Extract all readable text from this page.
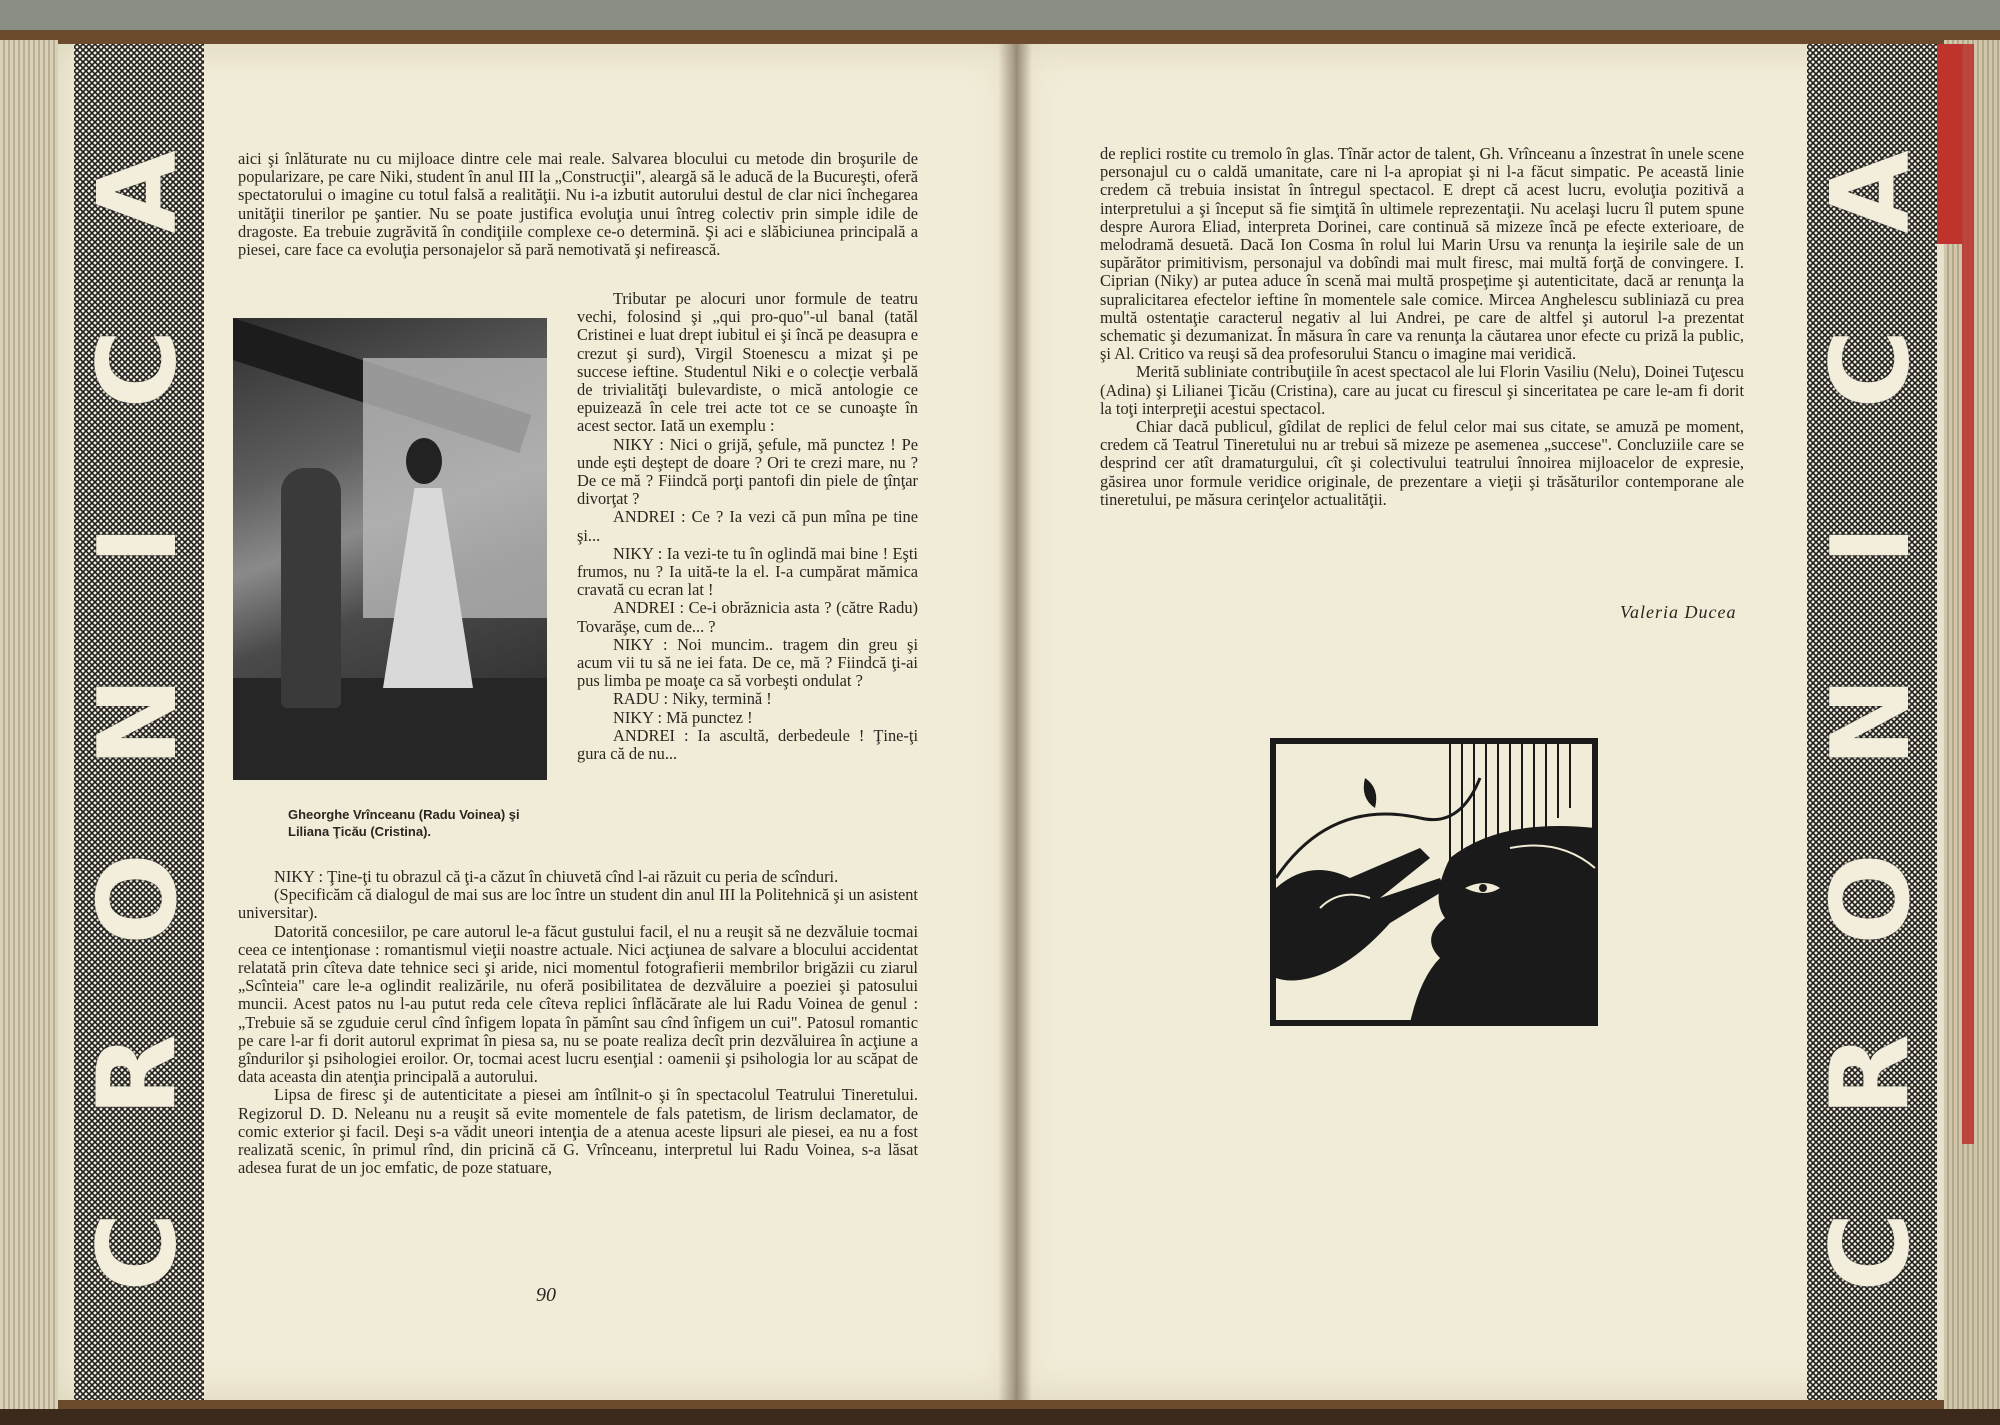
A
C
I
N
O
R
C
A
C
I
N
O
R
C

aici şi înlăturate nu cu mijloace dintre cele mai reale. Salvarea blocului cu metode din broşurile de popularizare, pe care Niki, student în anul III la „Construcţii", aleargă să le aducă de la Bucureşti, oferă spectatorului o imagine cu totul falsă a realităţii. Nu i-a izbutit autorului destul de clar nici închegarea unităţii tinerilor pe şantier. Nu se poate justifica evoluţia unui întreg colectiv prin simple idile de dragoste. Ea trebuie zugrăvită în condiţiile complexe ce-o determină. Şi aci e slăbiciunea principală a piesei, care face ca evoluţia personajelor să pară nemotivată şi nefirească.

Gheorghe Vrînceanu (Radu Voinea) şi Liliana Ţicău (Cristina).

Tributar pe alocuri unor formule de teatru vechi, folosind şi „qui pro-quo"-ul banal (tatăl Cristinei e luat drept iubitul ei şi încă pe deasupra e crezut şi surd), Virgil Stoenescu a mizat şi pe succese ieftine. Studentul Niki e o colecţie verbală de trivialităţi bulevardiste, o mică antologie ce epuizează în cele trei acte tot ce se cunoaşte în acest sector. Iată un exemplu :

NIKY : Nici o grijă, şefule, mă punctez ! Pe unde eşti deştept de doare ? Ori te crezi mare, nu ? De ce mă ? Fiindcă porţi pantofi din piele de ţînţar divorţat ?

ANDREI : Ce ? Ia vezi că pun mîna pe tine şi...

NIKY : Ia vezi-te tu în oglindă mai bine ! Eşti frumos, nu ? Ia uită-te la el. I-a cumpărat mămica cravată cu ecran lat !

ANDREI : Ce-i obrăznicia asta ? (către Radu) Tovarăşe, cum de... ?

NIKY : Noi muncim.. tragem din greu şi acum vii tu să ne iei fata. De ce, mă ? Fiindcă ţi-ai pus limba pe moaţe ca să vorbeşti ondulat ?

RADU : Niky, termină !

NIKY : Mă punctez !

ANDREI : Ia ascultă, derbedeule ! Ţine-ţi gura că de nu...

NIKY : Ţine-ţi tu obrazul că ţi-a căzut în chiuvetă cînd l-ai răzuit cu peria de scînduri.

(Specificăm că dialogul de mai sus are loc între un student din anul III la Politehnică şi un asistent universitar).

Datorită concesiilor, pe care autorul le-a făcut gustului facil, el nu a reuşit să ne dezvăluie tocmai ceea ce intenţionase : romantismul vieţii noastre actuale. Nici acţiunea de salvare a blocului accidentat relatată prin cîteva date tehnice seci şi aride, nici momentul fotografierii membrilor brigăzii cu ziarul „Scînteia" care le-a oglindit realizările, nu oferă posibilitatea de dezvăluire a poeziei şi patosului muncii. Acest patos nu l-au putut reda cele cîteva replici înflăcărate ale lui Radu Voinea de genul : „Trebuie să se zguduie cerul cînd înfigem lopata în pămînt sau cînd înfigem un cui". Patosul romantic pe care l-ar fi dorit autorul exprimat în piesa sa, nu se poate realiza decît prin dezvăluirea în acţiune a gîndurilor şi psihologiei eroilor. Or, tocmai acest lucru esenţial : oamenii şi psihologia lor au scăpat de data aceasta din atenţia principală a autorului.

Lipsa de firesc şi de autenticitate a piesei am întîlnit-o şi în spectacolul Teatrului Tineretului. Regizorul D. D. Neleanu nu a reuşit să evite momentele de fals patetism, de lirism declamator, de comic exterior şi facil. Deşi s-a vădit uneori intenţia de a atenua aceste lipsuri ale piesei, ea nu a fost realizată scenic, în primul rînd, din pricină că G. Vrînceanu, interpretul lui Radu Voinea, s-a lăsat adesea furat de un joc emfatic, de poze statuare,

90

de replici rostite cu tremolo în glas. Tînăr actor de talent, Gh. Vrînceanu a înzestrat în unele scene personajul cu o caldă umanitate, care ni l-a apropiat şi ni l-a făcut simpatic. Pe această linie credem că trebuia insistat în întregul spectacol. E drept că acest lucru, evoluţia pozitivă a interpretului a şi început să fie simţită în ultimele reprezentaţii. Nu acelaşi lucru îl putem spune despre Aurora Eliad, interpreta Dorinei, care continuă să mizeze încă pe efecte exterioare, de melodramă desuetă. Dacă Ion Cosma în rolul lui Marin Ursu va renunţa la ieşirile sale de un supărător primitivism, personajul va dobîndi mai mult firesc, mai multă forţă de convingere. I. Ciprian (Niky) ar putea aduce în scenă mai multă prospeţime şi autenticitate, dacă ar renunţa la supralicitarea efectelor ieftine în momentele sale comice. Mircea Anghelescu subliniază cu prea multă ostentaţie caracterul negativ al lui Andrei, pe care de altfel şi autorul l-a prezentat schematic şi dezumanizat. În măsura în care va renunţa la căutarea unor efecte cu priză la public, şi Al. Critico va reuşi să dea profesorului Stancu o imagine mai veridică.

Merită subliniate contribuţiile în acest spectacol ale lui Florin Vasiliu (Nelu), Doinei Tuţescu (Adina) şi Lilianei Ţicău (Cristina), care au jucat cu firescul şi sinceritatea pe care le-am fi dorit la toţi interpreţii acestui spectacol.

Chiar dacă publicul, gîdilat de replici de felul celor mai sus citate, se amuză pe moment, credem că Teatrul Tineretului nu ar trebui să mizeze pe asemenea „succese". Concluziile care se desprind cer atît dramaturgului, cît şi colectivului teatrului înnoirea mijloacelor de expresie, găsirea unor formule veridice originale, de prezentare a vieţii şi trăsăturilor contemporane ale tineretului, pe măsura cerinţelor actualităţii.

Valeria Ducea
